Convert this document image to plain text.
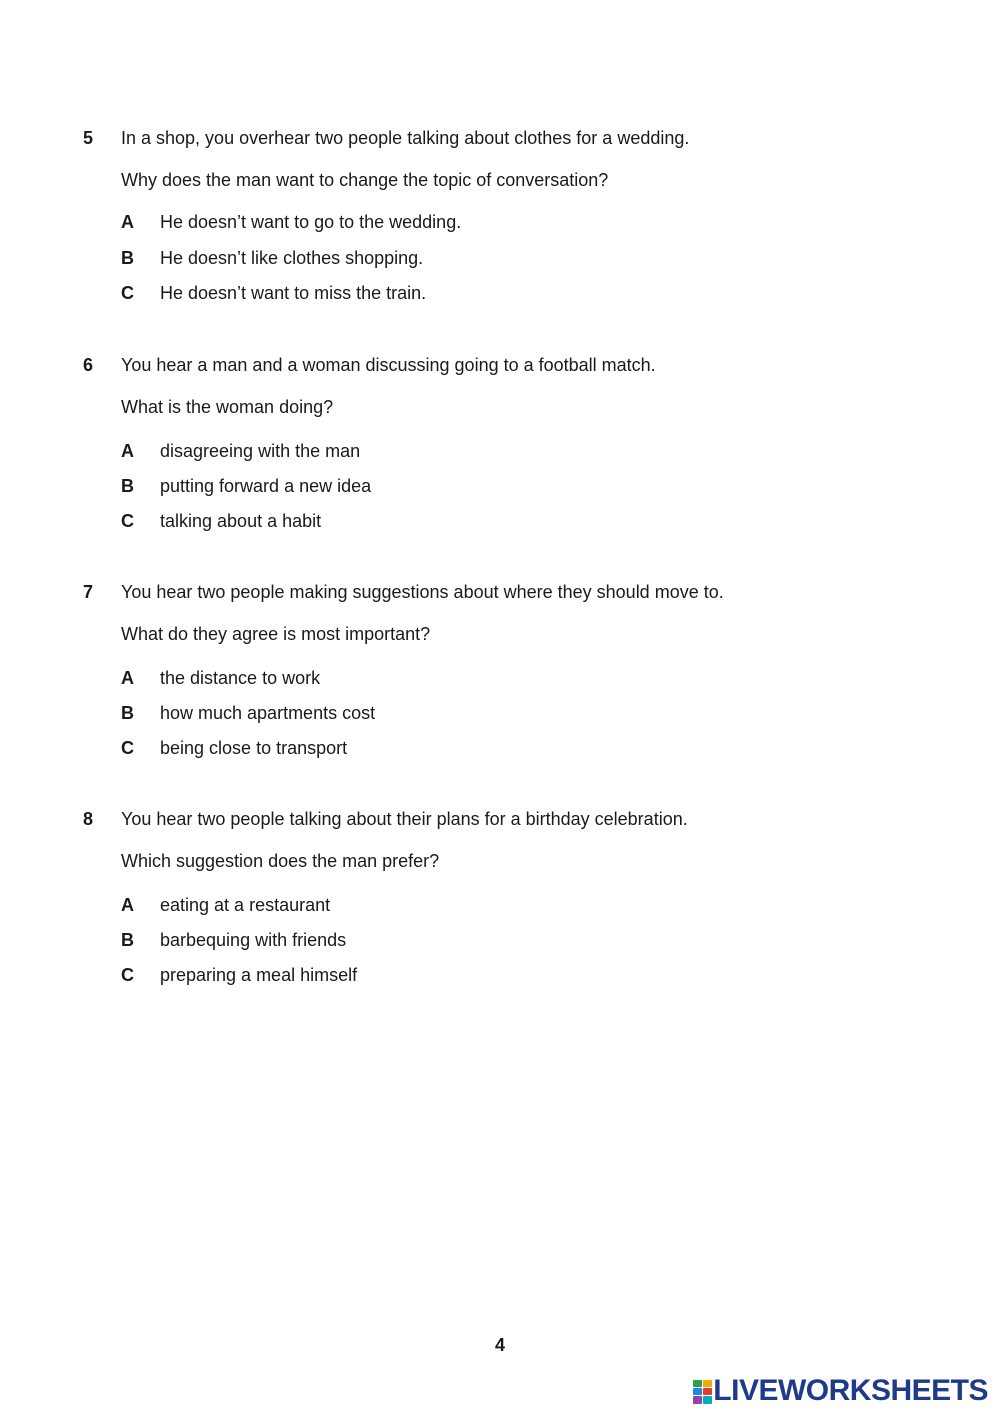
5 In a shop, you overhear two people talking about clothes for a wedding.
Why does the man want to change the topic of conversation?
A He doesn’t want to go to the wedding.
B He doesn’t like clothes shopping.
C He doesn’t want to miss the train.
6 You hear a man and a woman discussing going to a football match.
What is the woman doing?
A disagreeing with the man
B putting forward a new idea
C talking about a habit
7 You hear two people making suggestions about where they should move to.
What do they agree is most important?
A the distance to work
B how much apartments cost
C being close to transport
8 You hear two people talking about their plans for a birthday celebration.
Which suggestion does the man prefer?
A eating at a restaurant
B barbequing with friends
C preparing a meal himself
4
LIVEWORKSHEETS
